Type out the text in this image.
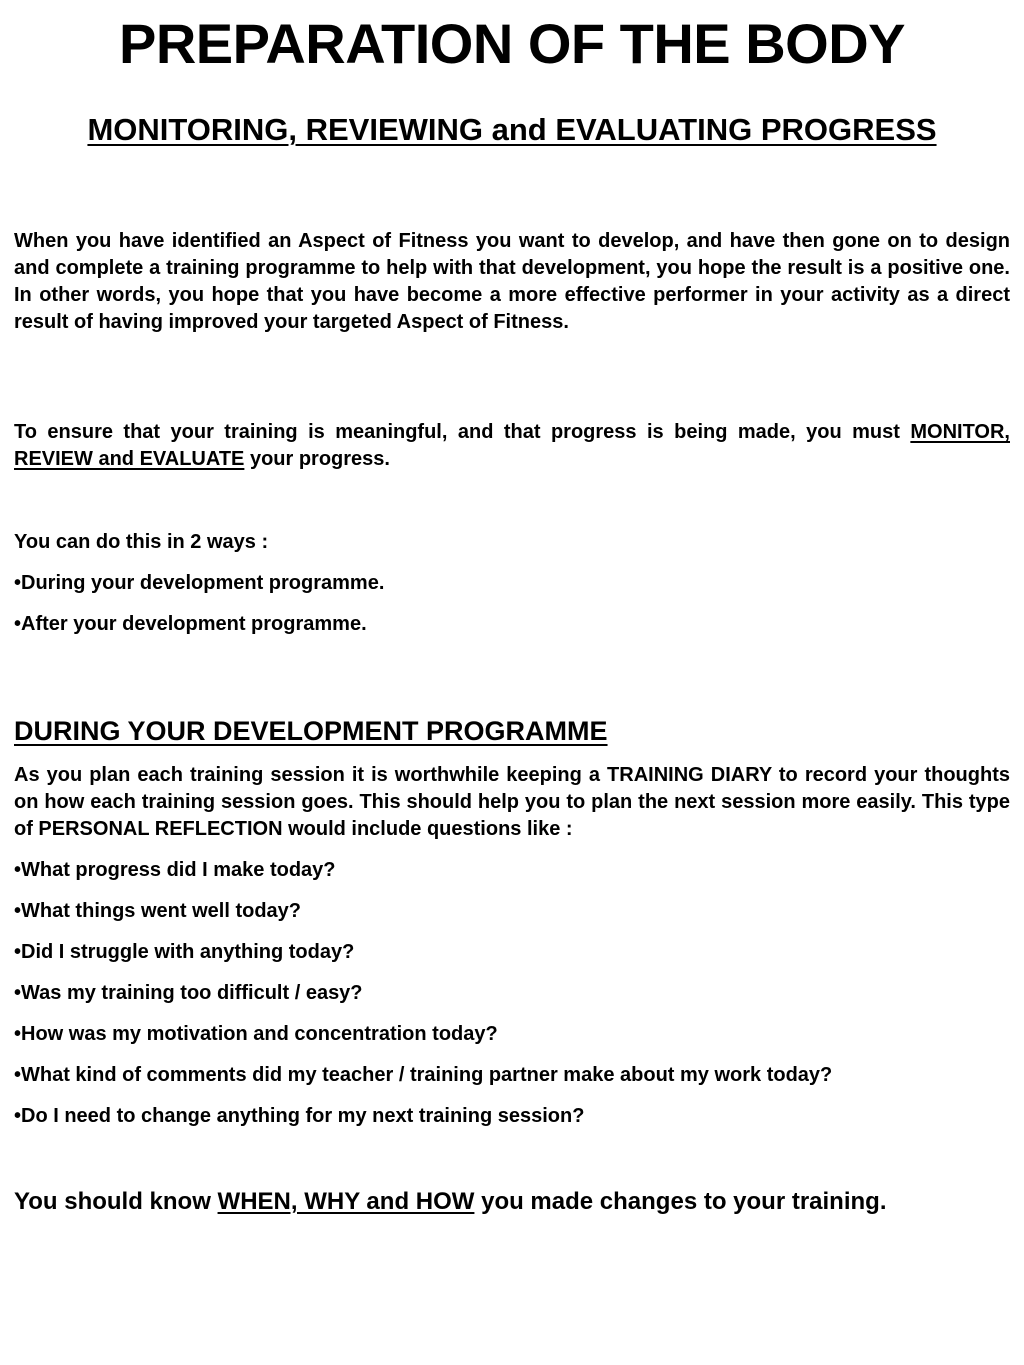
PREPARATION OF THE BODY
MONITORING, REVIEWING and EVALUATING PROGRESS

When you have identified an Aspect of Fitness you want to develop, and have then gone on to design and complete a training programme to help with that development, you hope the result is a positive one. In other words, you hope that you have become a more effective performer in your activity as a direct result of having improved your targeted Aspect of Fitness.

To ensure that your training is meaningful, and that progress is being made, you must MONITOR, REVIEW and EVALUATE your progress.

You can do this in 2 ways :

•During your development programme.

•After your development programme.

DURING YOUR DEVELOPMENT PROGRAMME

As you plan each training session it is worthwhile keeping a TRAINING DIARY to record your thoughts on how each training session goes. This should help you to plan the next session more easily. This type of PERSONAL REFLECTION would include questions like :

•What progress did I make today?

•What things went well today?

•Did I struggle with anything today?

•Was my training too difficult / easy?

•How was my motivation and concentration today?

•What kind of comments did my teacher / training partner make about my work today?

•Do I need to change anything for my next training session?

You should know WHEN, WHY and HOW you made changes to your training.
